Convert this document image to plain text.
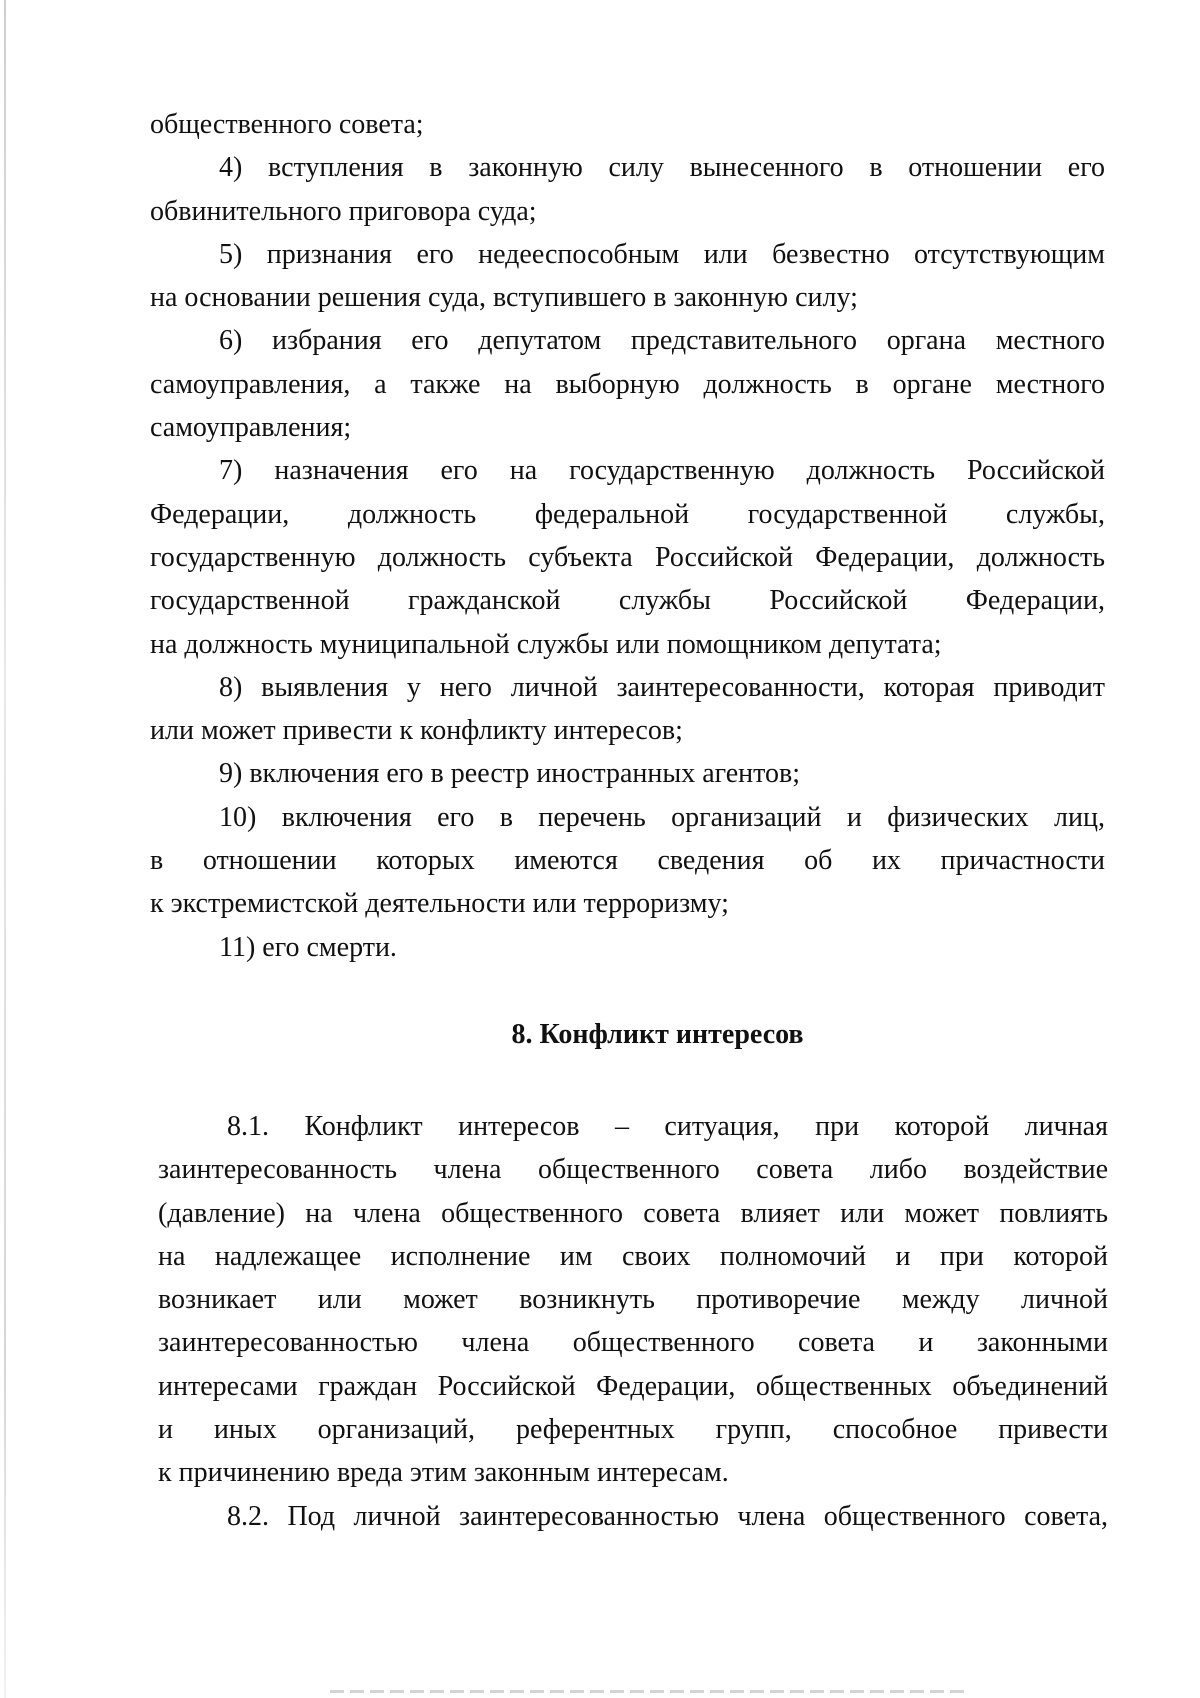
общественного совета;
4) вступления в законную силу вынесенного в отношении его
обвинительного приговора суда;
5) признания его недееспособным или безвестно отсутствующим
на основании решения суда, вступившего в законную силу;
6) избрания его депутатом представительного органа местного
самоуправления, а также на выборную должность в органе местного
самоуправления;
7) назначения его на государственную должность Российской
Федерации, должность федеральной государственной службы,
государственную должность субъекта Российской Федерации, должность
государственной гражданской службы Российской Федерации,
на должность муниципальной службы или помощником депутата;
8) выявления у него личной заинтересованности, которая приводит
или может привести к конфликту интересов;
9) включения его в реестр иностранных агентов;
10) включения его в перечень организаций и физических лиц,
в отношении которых имеются сведения об их причастности
к экстремистской деятельности или терроризму;
11) его смерти.
8. Конфликт интересов
8.1. Конфликт интересов – ситуация, при которой личная
заинтересованность члена общественного совета либо воздействие
(давление) на члена общественного совета влияет или может повлиять
на надлежащее исполнение им своих полномочий и при которой
возникает или может возникнуть противоречие между личной
заинтересованностью члена общественного совета и законными
интересами граждан Российской Федерации, общественных объединений
и иных организаций, референтных групп, способное привести
к причинению вреда этим законным интересам.
8.2. Под личной заинтересованностью члена общественного совета,
